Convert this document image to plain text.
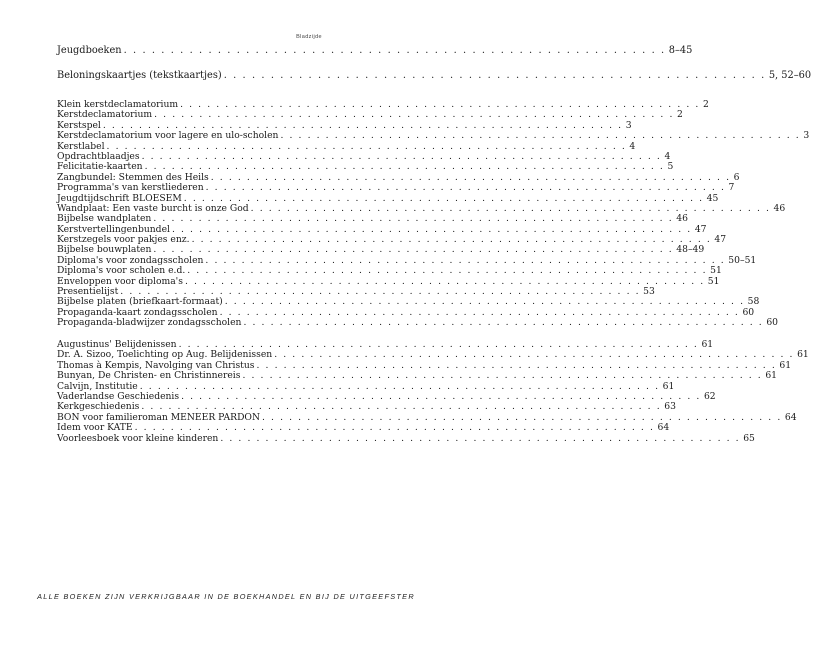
Bladzijde
Jeugdboeken . . .	8–45
Beloningskaartjes (tekstkaartjes) . . .	5, 52–60
Klein kerstdeclamatorium . . .	2
Kerstdeclamatorium . . .	2
Kerstspel . . .	3
Kerstdeclamatorium voor lagere en ulo-scholen . . .	3
Kerstlabel . . .	4
Opdrachtblaadjes . . .	4
Felicitatie-kaarten . . .	5
Zangbundel: Stemmen des Heils . . .	6
Programma's van kerstliederen . . .	7
Jeugdtijdschrift BLOESEM . . .	45
Wandplaat: Een vaste burcht is onze God . . .	46
Bijbelse wandplaten . . .	46
Kerstvertellingenbundel . . .	47
Kerstzegels voor pakjes enz. . . .	47
Bijbelse bouwplaten . . .	48–49
Diploma's voor zondagsscholen . . .	50–51
Diploma's voor scholen e.d. . . .	51
Enveloppen voor diploma's . . .	51
Presentielijst . . .	53
Bijbelse platen (briefkaart-formaat) . . .	58
Propaganda-kaart zondagsscholen . . .	60
Propaganda-bladwijzer zondagsscholen . . .	60
Augustinus' Belijdenissen . . .	61
Dr. A. Sizoo, Toelichting op Aug. Belijdenissen . . .	61
Thomas à Kempis, Navolging van Christus . . .	61
Bunyan, De Christen- en Christinnereis . . .	61
Calvijn, Institutie . . .	61
Vaderlandse Geschiedenis . . .	62
Kerkgeschiedenis . . .	63
BON voor familieroman MENEER PARDON . . .	64
Idem voor KATE . . .	64
Voorleesboek voor kleine kinderen . . .	65
ALLE BOEKEN ZIJN VERKRIJGBAAR IN DE BOEKHANDEL EN BIJ DE UITGEEFSTER
